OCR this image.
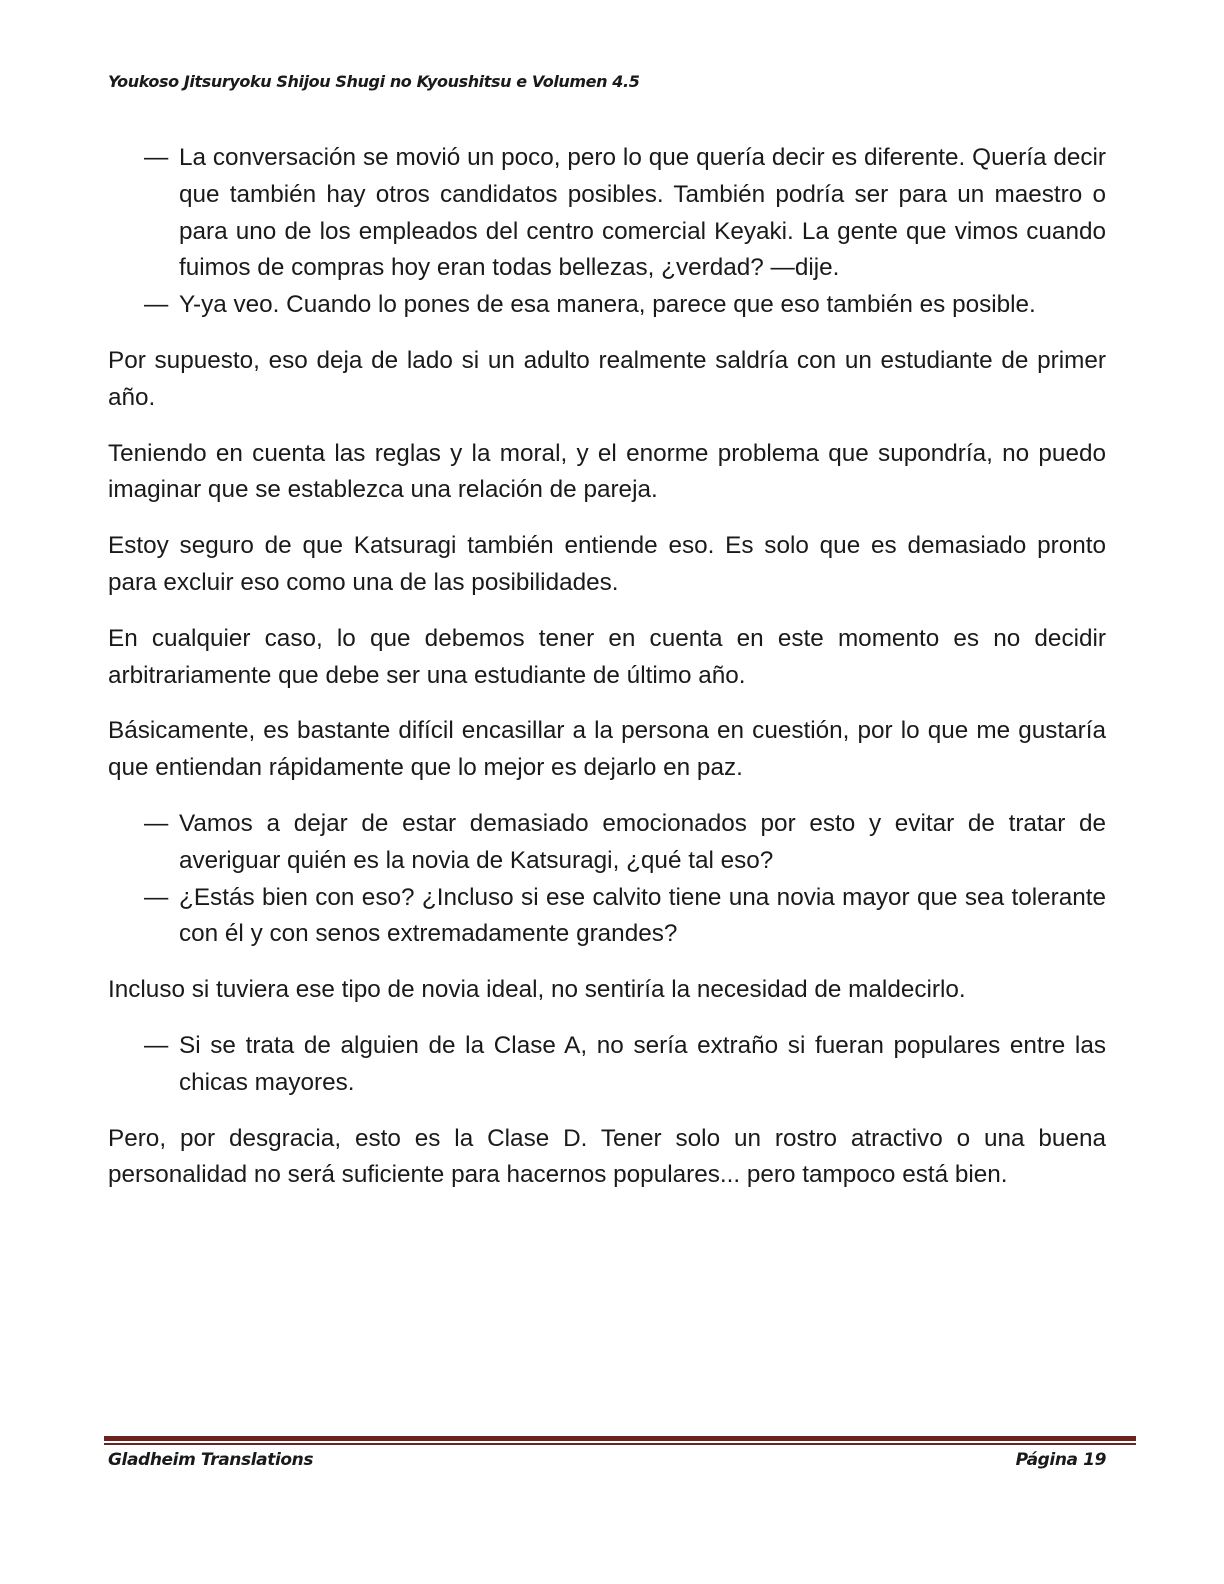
Youkoso Jitsuryoku Shijou Shugi no Kyoushitsu e Volumen 4.5
— La conversación se movió un poco, pero lo que quería decir es diferente. Quería decir que también hay otros candidatos posibles. También podría ser para un maestro o para uno de los empleados del centro comercial Keyaki. La gente que vimos cuando fuimos de compras hoy eran todas bellezas, ¿verdad? —dije.
— Y-ya veo. Cuando lo pones de esa manera, parece que eso también es posible.

Por supuesto, eso deja de lado si un adulto realmente saldría con un estudiante de primer año.

Teniendo en cuenta las reglas y la moral, y el enorme problema que supondría, no puedo imaginar que se establezca una relación de pareja.

Estoy seguro de que Katsuragi también entiende eso. Es solo que es demasiado pronto para excluir eso como una de las posibilidades.

En cualquier caso, lo que debemos tener en cuenta en este momento es no decidir arbitrariamente que debe ser una estudiante de último año.

Básicamente, es bastante difícil encasillar a la persona en cuestión, por lo que me gustaría que entiendan rápidamente que lo mejor es dejarlo en paz.

— Vamos a dejar de estar demasiado emocionados por esto y evitar de tratar de averiguar quién es la novia de Katsuragi, ¿qué tal eso?
— ¿Estás bien con eso? ¿Incluso si ese calvito tiene una novia mayor que sea tolerante con él y con senos extremadamente grandes?

Incluso si tuviera ese tipo de novia ideal, no sentiría la necesidad de maldecirlo.

— Si se trata de alguien de la Clase A, no sería extraño si fueran populares entre las chicas mayores.

Pero, por desgracia, esto es la Clase D. Tener solo un rostro atractivo o una buena personalidad no será suficiente para hacernos populares... pero tampoco está bien.

Gladheim Translations	Página 19
